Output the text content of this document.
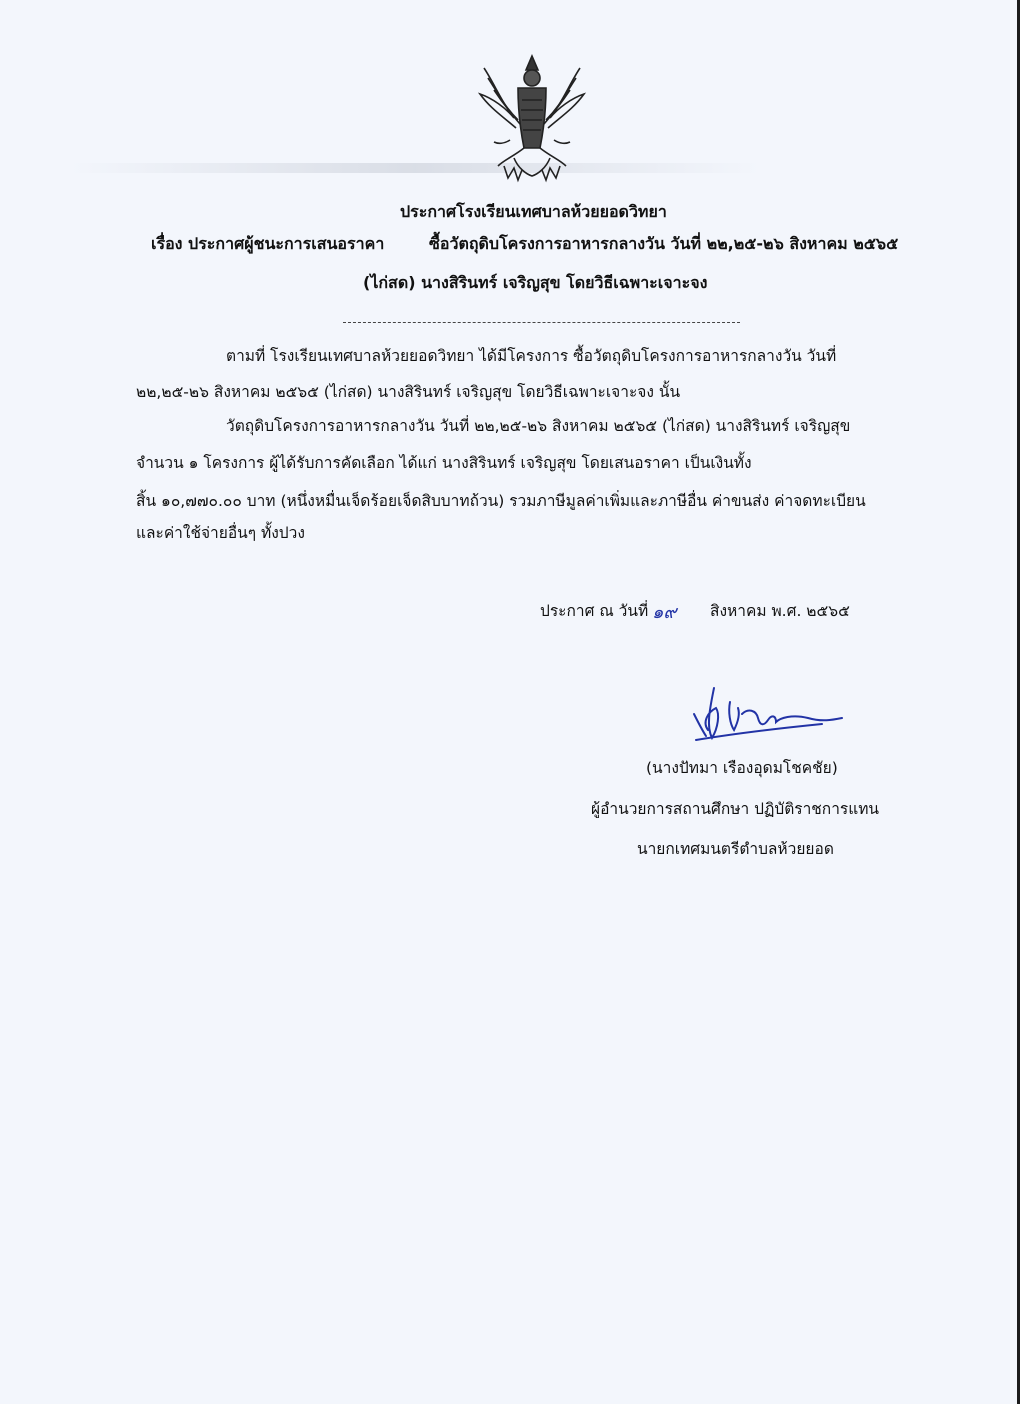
ประกาศโรงเรียนเทศบาลห้วยยอดวิทยา
เรื่อง ประกาศผู้ชนะการเสนอราคา	ซื้อวัตถุดิบโครงการอาหารกลางวัน วันที่ ๒๒,๒๕-๒๖ สิงหาคม ๒๕๖๕
(ไก่สด) นางสิรินทร์ เจริญสุข โดยวิธีเฉพาะเจาะจง
ตามที่ โรงเรียนเทศบาลห้วยยอดวิทยา ได้มีโครงการ ซื้อวัตถุดิบโครงการอาหารกลางวัน วันที่
๒๒,๒๕-๒๖ สิงหาคม ๒๕๖๕ (ไก่สด) นางสิรินทร์ เจริญสุข โดยวิธีเฉพาะเจาะจง นั้น
วัตถุดิบโครงการอาหารกลางวัน วันที่ ๒๒,๒๕-๒๖ สิงหาคม ๒๕๖๕ (ไก่สด) นางสิรินทร์ เจริญสุข
จำนวน ๑ โครงการ ผู้ได้รับการคัดเลือก ได้แก่ นางสิรินทร์ เจริญสุข โดยเสนอราคา เป็นเงินทั้ง
สิ้น ๑๐,๗๗๐.๐๐ บาท (หนึ่งหมื่นเจ็ดร้อยเจ็ดสิบบาทถ้วน) รวมภาษีมูลค่าเพิ่มและภาษีอื่น ค่าขนส่ง ค่าจดทะเบียน
และค่าใช้จ่ายอื่นๆ ทั้งปวง
ประกาศ ณ วันที่ ๑๙ สิงหาคม พ.ศ. ๒๕๖๕
(นางปัทมา เรืองอุดมโชคชัย)
ผู้อำนวยการสถานศึกษา ปฏิบัติราชการแทน
นายกเทศมนตรีตำบลห้วยยอด
